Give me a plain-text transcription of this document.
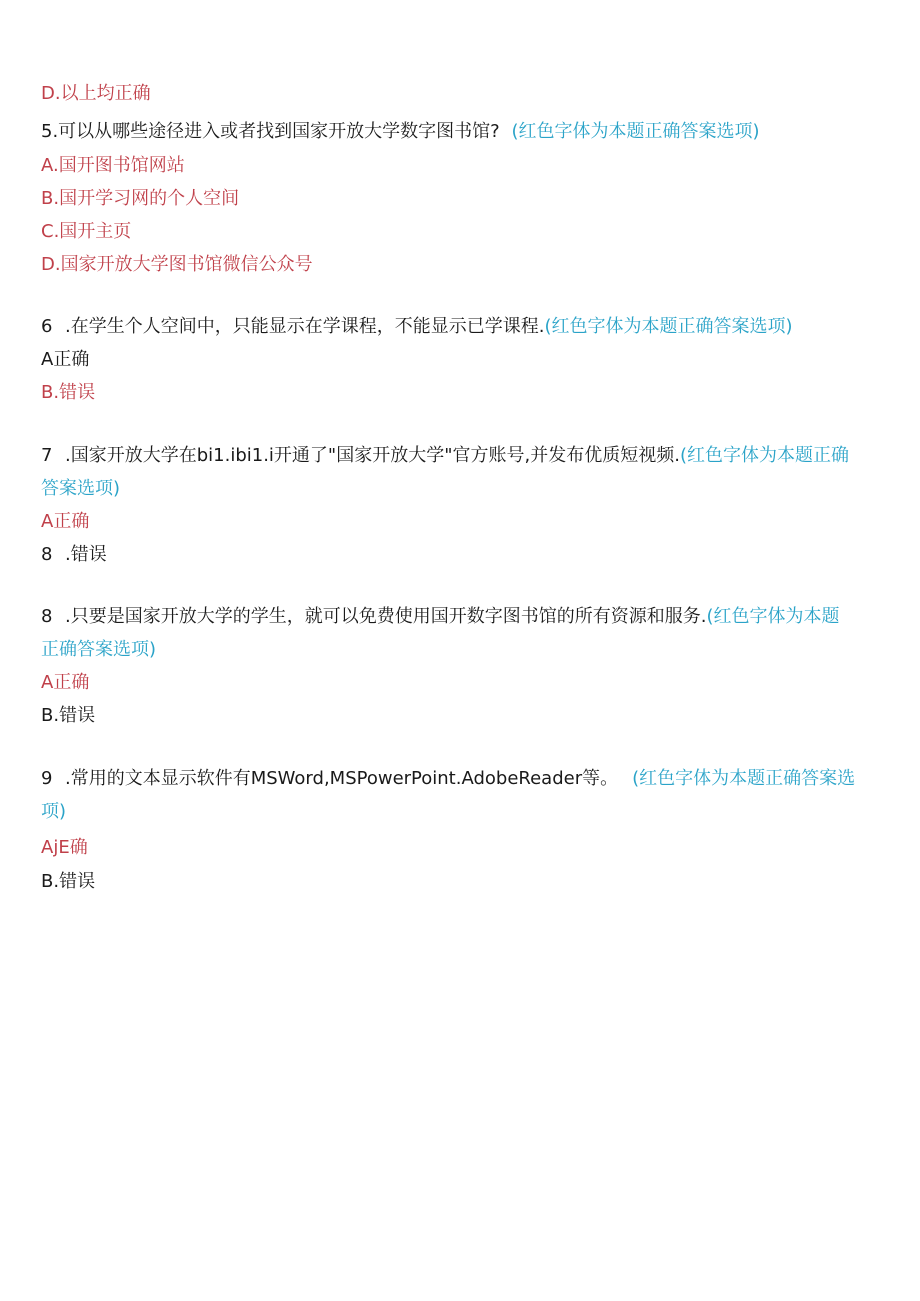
D.以上均正确
5.可以从哪些途径进入或者找到国家开放大学数字图书馆? (红色字体为本题正确答案选项)
A.国开图书馆网站
B.国开学习网的个人空间
C.国开主页
D.国家开放大学图书馆微信公众号
6 .在学生个人空间中，只能显示在学课程，不能显示已学课程.(红色字体为本题正确答案选项)
A正确
B.错误
7 .国家开放大学在bi1.ibi1.i开通了"国家开放大学"官方账号,并发布优质短视频.(红色字体为本题正确
答案选项)
A正确
8 .错误
8 .只要是国家开放大学的学生，就可以免费使用国开数字图书馆的所有资源和服务.(红色字体为本题
正确答案选项)
A正确
B.错误
9 .常用的文本显示软件有MSWord,MSPowerPoint.AdobeReader等。 (红色字体为本题正确答案选
项)
AjE确
B.错误
